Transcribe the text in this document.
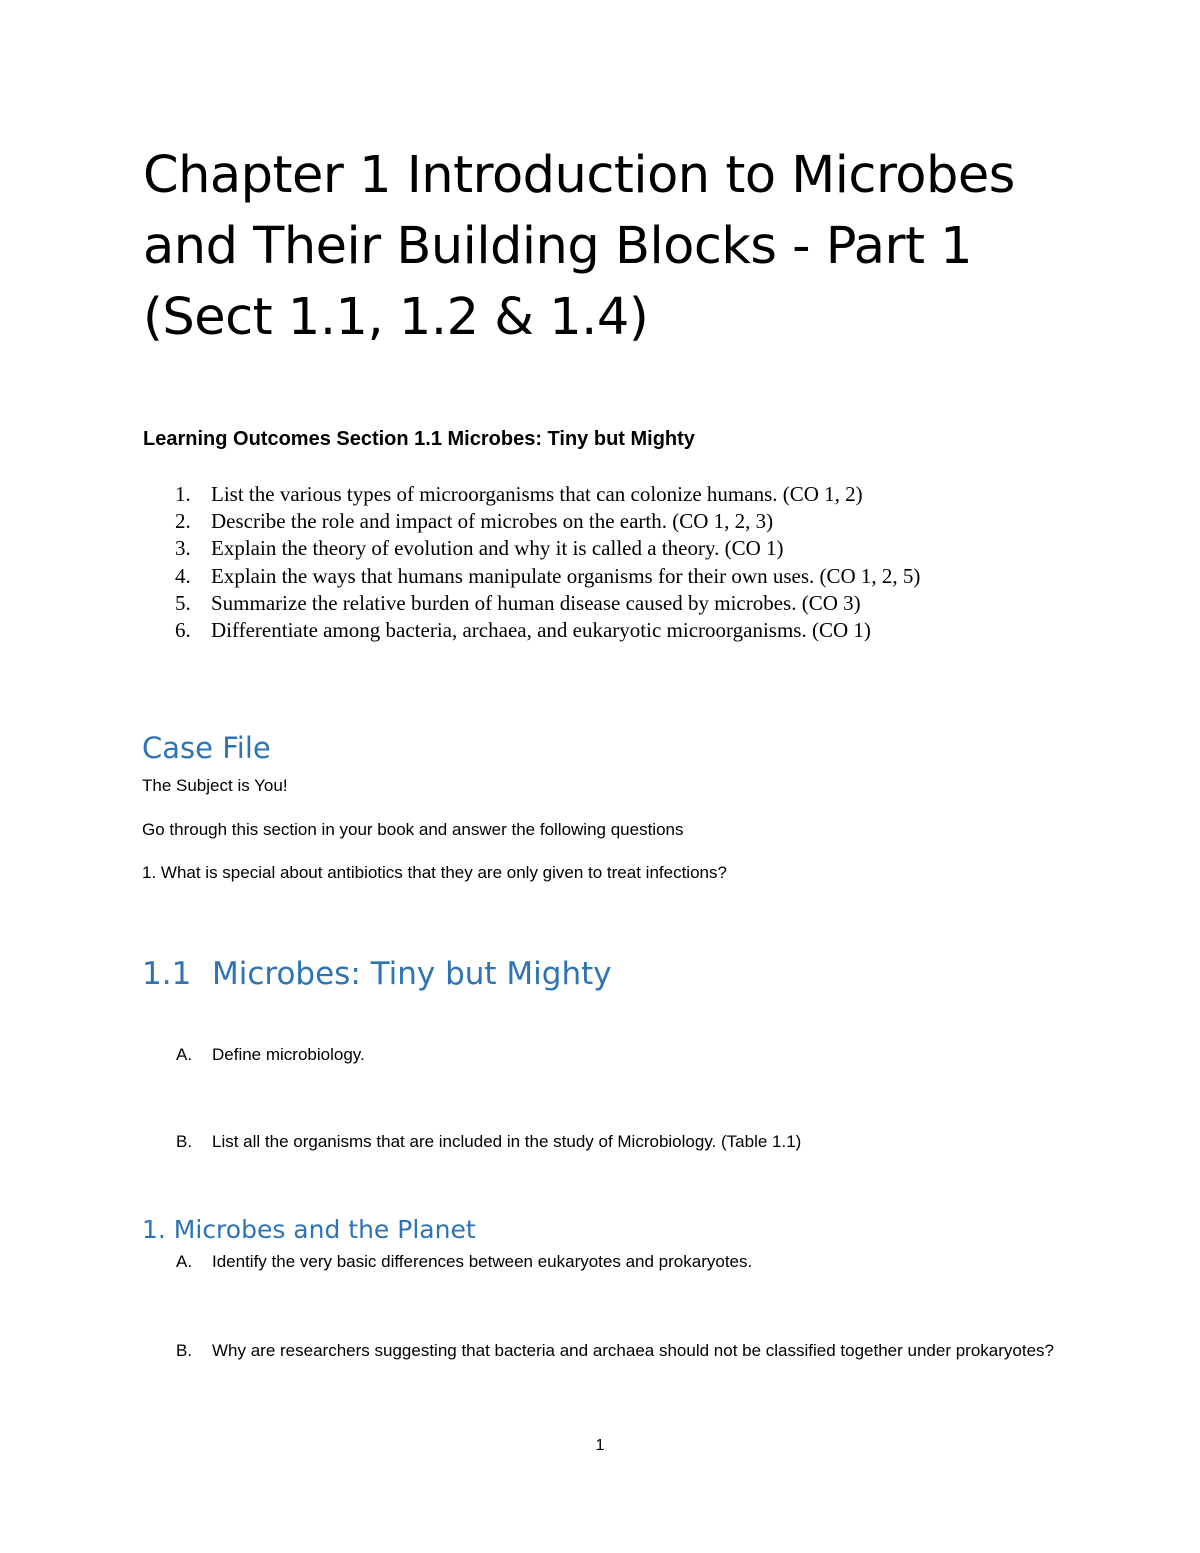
Chapter 1 Introduction to Microbes and Their Building Blocks - Part 1 (Sect 1.1, 1.2 & 1.4)
Learning Outcomes Section 1.1 Microbes: Tiny but Mighty
1. List the various types of microorganisms that can colonize humans. (CO 1, 2)
2. Describe the role and impact of microbes on the earth. (CO 1, 2, 3)
3. Explain the theory of evolution and why it is called a theory. (CO 1)
4. Explain the ways that humans manipulate organisms for their own uses. (CO 1, 2, 5)
5. Summarize the relative burden of human disease caused by microbes. (CO 3)
6. Differentiate among bacteria, archaea, and eukaryotic microorganisms. (CO 1)
Case File

The Subject is You!

Go through this section in your book and answer the following questions

1. What is special about antibiotics that they are only given to treat infections?

1.1 Microbes: Tiny but Mighty
A. Define microbiology.
B. List all the organisms that are included in the study of Microbiology. (Table 1.1)
1. Microbes and the Planet
A. Identify the very basic differences between eukaryotes and prokaryotes.
B. Why are researchers suggesting that bacteria and archaea should not be classified together under prokaryotes?
1
